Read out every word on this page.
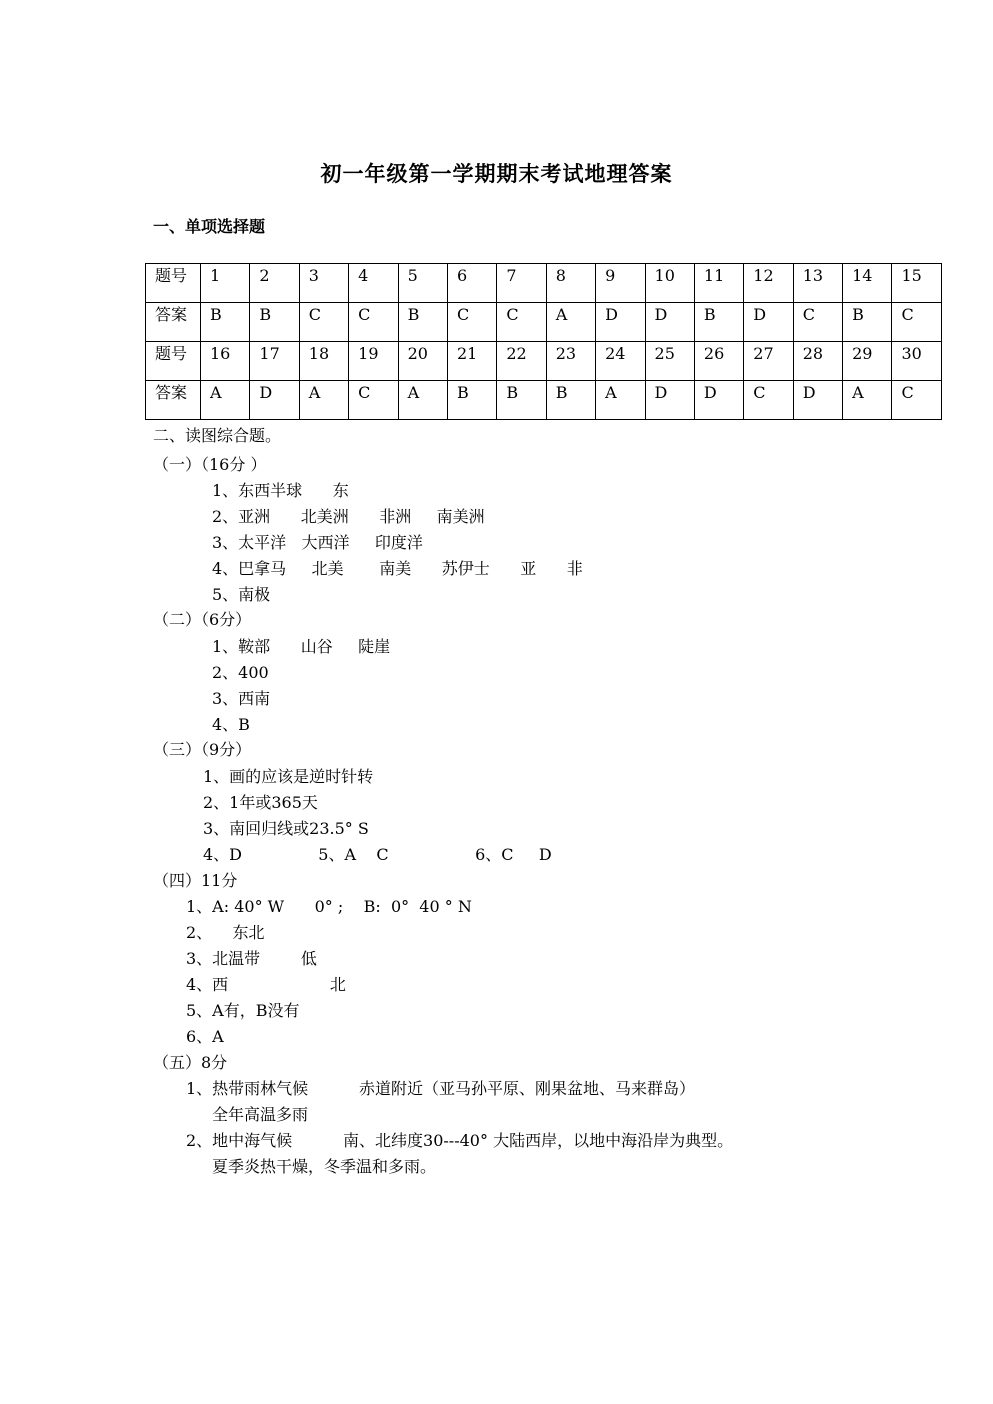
初一年级第一学期期末考试地理答案
一、单项选择题
题号	1	2	3	4	5	6	7	8	9	10	11	12	13	14	15
答案	B	B	C	C	B	C	C	A	D	D	B	D	C	B	C
题号	16	17	18	19	20	21	22	23	24	25	26	27	28	29	30
答案	A	D	A	C	A	B	B	B	A	D	D	C	D	A	C
二、读图综合题。
（一）（16分 ）
1、东西半球      东
2、亚洲      北美洲      非洲     南美洲
3、太平洋   大西洋     印度洋
4、巴拿马     北美       南美      苏伊士      亚      非
5、南极
（二）（6分）
1、鞍部      山谷     陡崖
2、400
3、西南
4、B
（三）（9分）
1、画的应该是逆时针转
2、1年或365天
3、南回归线或23.5° S
4、D               5、A    C                 6、C     D
（四）11分
1、A: 40° W      0° ;    B:  0°  40 ° N
2、    东北
3、北温带        低
4、西                    北
5、A有，B没有
6、A
（五）8分
1、热带雨林气候          赤道附近（亚马孙平原、刚果盆地、马来群岛）
全年高温多雨
2、地中海气候          南、北纬度30---40° 大陆西岸，以地中海沿岸为典型。
夏季炎热干燥，冬季温和多雨。
